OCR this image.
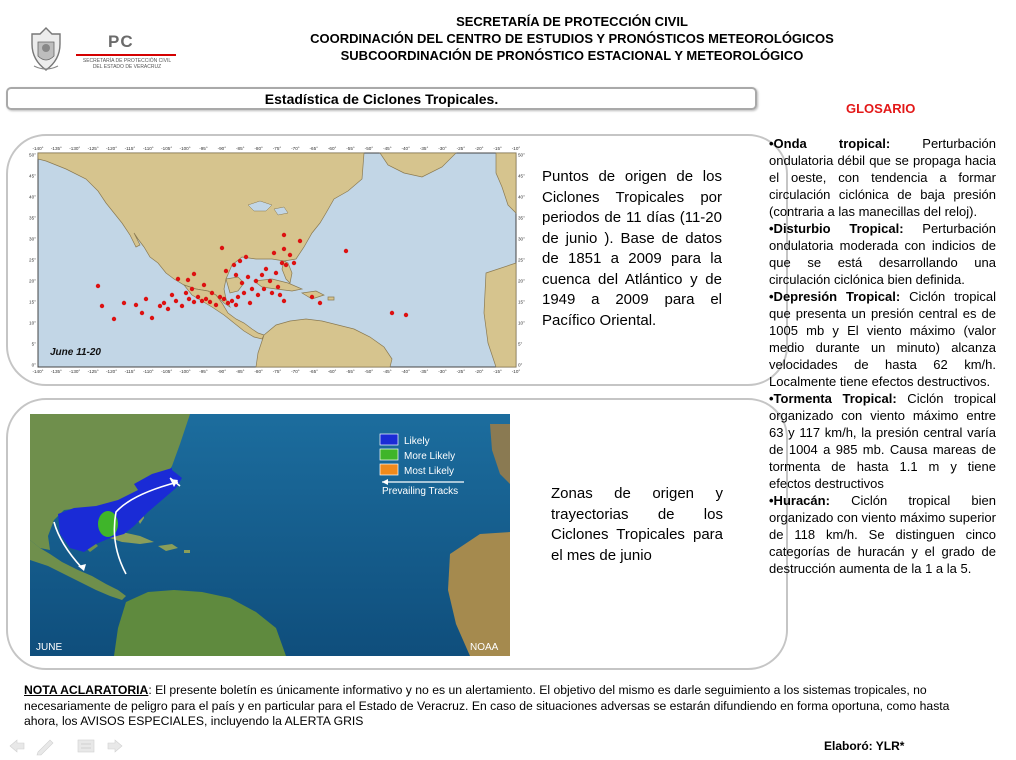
PC
SECRETARÍA DE PROTECCIÓN CIVIL
DEL ESTADO DE VERACRUZ
SECRETARÍA DE PROTECCIÓN CIVIL
COORDINACIÓN DEL CENTRO DE ESTUDIOS Y PRONÓSTICOS METEOROLÓGICOS
SUBCOORDINACIÓN DE PRONÓSTICO ESTACIONAL Y METEOROLÓGICO
Estadística de Ciclones Tropicales.
-140°
-140°
-135°
-135°
-130°
-130°
-125°
-125°
-120°
-120°
-115°
-115°
-110°
-110°
-105°
-105°
-100°
-100°
-95°
-95°
-90°
-90°
-85°
-85°
-80°
-80°
-75°
-75°
-70°
-70°
-65°
-65°
-60°
-60°
-55°
-55°
-50°
-50°
-45°
-45°
-40°
-40°
-35°
-35°
-30°
-30°
-25°
-25°
-20°
-20°
-15°
-15°
-10°
-10°
50°	50°
45°	45°
40°	40°
35°	35°
30°	30°
25°	25°
20°	20°
15°	15°
10°	10°
5°	5°
0°	0°
June 11-20
Puntos de origen de los Ciclones Tropicales por periodos de 11 días (11-20 de junio ). Base de datos de 1851 a 2009 para la cuenca del Atlántico y de 1949 a 2009 para el Pacífico Oriental.
Likely
More Likely
Most Likely
Prevailing Tracks
JUNE	NOAA
Zonas de origen y trayectorias de los Ciclones Tropicales para el mes de junio
GLOSARIO

•Onda tropical: Perturbación ondulatoria débil que se propaga hacia el oeste, con tendencia a formar circulación ciclónica de baja presión (contraria a las manecillas del reloj).

•Disturbio Tropical: Perturbación ondulatoria moderada con indicios de que se está desarrollando una circulación ciclónica bien definida.

•Depresión Tropical: Ciclón tropical que presenta un presión central es de 1005 mb y El viento máximo (valor medio durante un minuto) alcanza velocidades de hasta 62 km/h. Localmente tiene efectos destructivos.

•Tormenta Tropical: Ciclón tropical organizado con viento máximo entre 63 y 117 km/h, la presión central varía de 1004 a 985 mb. Causa mareas de tormenta de hasta 1.1 m y tiene efectos destructivos

•Huracán: Ciclón tropical bien organizado con viento máximo superior de 118 km/h. Se distinguen cinco categorías de huracán y el grado de destrucción aumenta de la 1 a la 5.

NOTA ACLARATORIA: El presente boletín es únicamente informativo y no es un alertamiento. El objetivo del mismo es darle seguimiento a los sistemas tropicales, no necesariamente de peligro para el país y en particular para el Estado de Veracruz. En caso de situaciones adversas se estarán difundiendo en forma oportuna, como hasta ahora, los AVISOS ESPECIALES, incluyendo la ALERTA GRIS
Elaboró: YLR*
